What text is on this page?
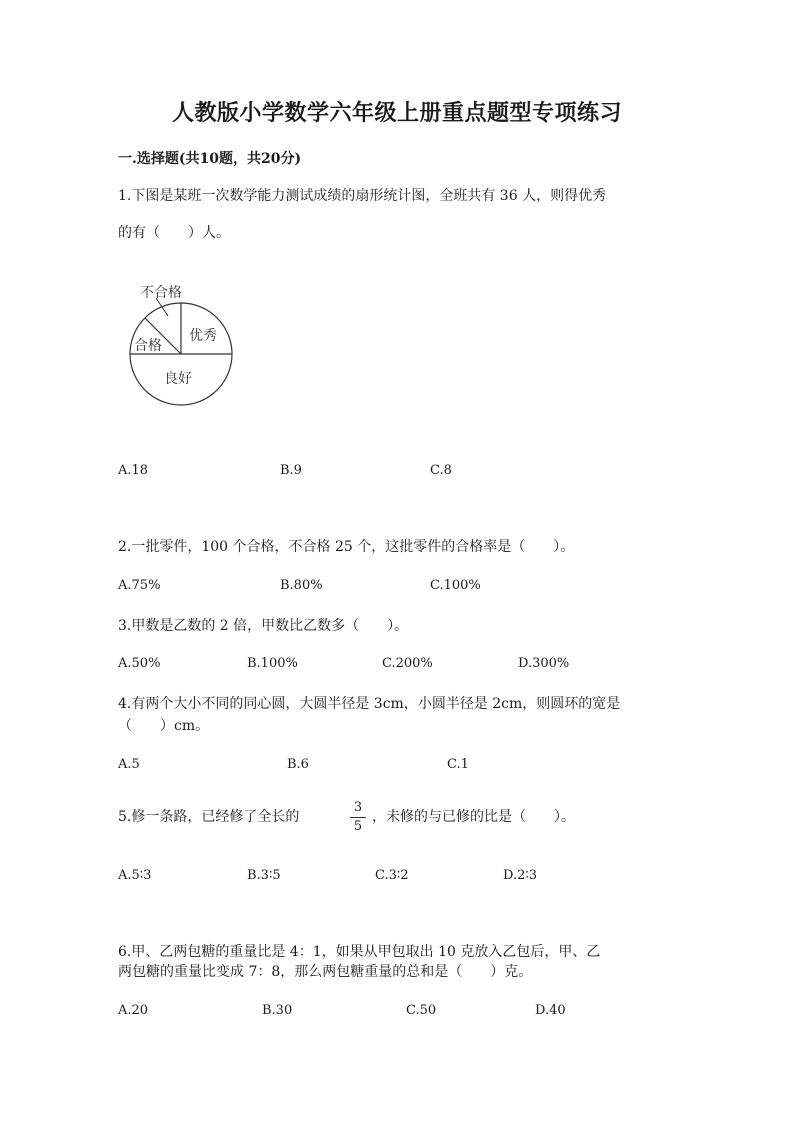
人教版小学数学六年级上册重点题型专项练习
一.选择题(共10题，共20分)
1.下图是某班一次数学能力测试成绩的扇形统计图，全班共有 36 人，则得优秀
的有（　　）人。
不合格
合格
优秀
良好
A.18	B.9	C.8
2.一批零件，100 个合格，不合格 25 个，这批零件的合格率是（　　）。
A.75%	B.80%	C.100%
3.甲数是乙数的 2 倍，甲数比乙数多（　　）。
A.50%	B.100%	C.200%	D.300%
4.有两个大小不同的同心圆，大圆半径是 3cm，小圆半径是 2cm，则圆环的宽是
（　　）cm。
A.5	B.6	C.1
5.修一条路，已经修了全长的
3
5
，未修的与已修的比是（　　）。
A.5∶3	B.3∶5	C.3∶2	D.2∶3
6.甲、乙两包糖的重量比是 4：1，如果从甲包取出 10 克放入乙包后，甲、乙
两包糖的重量比变成 7：8，那么两包糖重量的总和是（　　）克。
A.20	B.30	C.50	D.40
